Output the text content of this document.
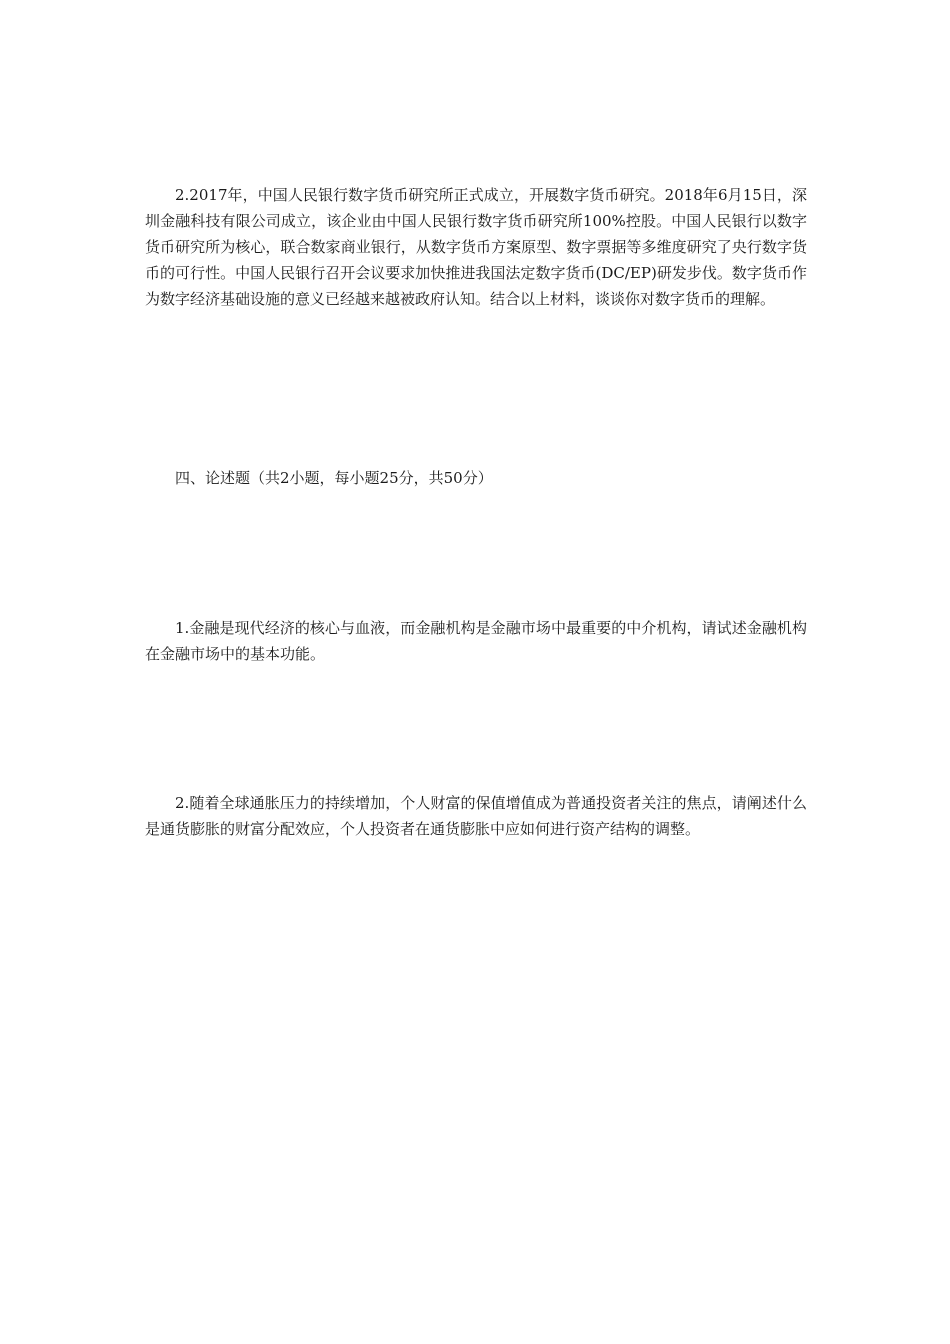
2.2017年，中国人民银行数字货币研究所正式成立，开展数字货币研究。2018年6月15日，深圳金融科技有限公司成立，该企业由中国人民银行数字货币研究所100%控股。中国人民银行以数字货币研究所为核心，联合数家商业银行，从数字货币方案原型、数字票据等多维度研究了央行数字货币的可行性。中国人民银行召开会议要求加快推进我国法定数字货币(DC/EP)研发步伐。数字货币作为数字经济基础设施的意义已经越来越被政府认知。结合以上材料，谈谈你对数字货币的理解。

四、论述题（共2小题，每小题25分，共50分）

1.金融是现代经济的核心与血液，而金融机构是金融市场中最重要的中介机构，请试述金融机构在金融市场中的基本功能。

2.随着全球通胀压力的持续增加，个人财富的保值增值成为普通投资者关注的焦点，请阐述什么是通货膨胀的财富分配效应，个人投资者在通货膨胀中应如何进行资产结构的调整。
